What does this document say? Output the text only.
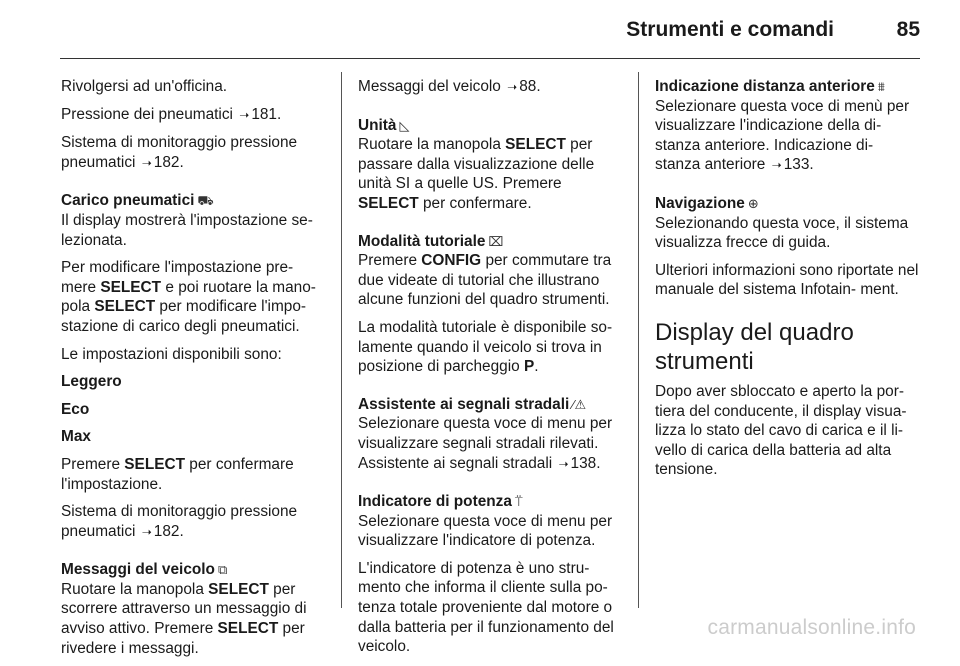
Strumenti e comandi	85

Rivolgersi ad un'officina.

Pressione dei pneumatici ➝ 181.

Sistema di monitoraggio pressione pneumatici ➝ 182.

Carico pneumatici ⛟

Il display mostrerà l'impostazione se- lezionata.

Per modificare l'impostazione pre- mere SELECT e poi ruotare la mano- pola SELECT per modificare l'impo- stazione di carico degli pneumatici.

Le impostazioni disponibili sono:

Leggero

Eco

Max

Premere SELECT per confermare l'impostazione.

Sistema di monitoraggio pressione pneumatici ➝ 182.

Messaggi del veicolo ⧉

Ruotare la manopola SELECT per scorrere attraverso un messaggio di avviso attivo. Premere SELECT per rivedere i messaggi.

Messaggi del veicolo ➝ 88.

Unità ◺

Ruotare la manopola SELECT per passare dalla visualizzazione delle unità SI a quelle US. Premere SELECT per confermare.

Modalità tutoriale ⌧

Premere CONFIG per commutare tra due videate di tutorial che illustrano alcune funzioni del quadro strumenti.

La modalità tutoriale è disponibile so- lamente quando il veicolo si trova in posizione di parcheggio P.

Assistente ai segnali stradali ⁄⚠

Selezionare questa voce di menu per visualizzare segnali stradali rilevati. Assistente ai segnali stradali ➝ 138.

Indicatore di potenza ⍡

Selezionare questa voce di menu per visualizzare l'indicatore di potenza.

L'indicatore di potenza è uno stru- mento che informa il cliente sulla po- tenza totale proveniente dal motore o dalla batteria per il funzionamento del veicolo.

Indicazione distanza anteriore ⩩

Selezionare questa voce di menù per visualizzare l'indicazione della di- stanza anteriore. Indicazione di- stanza anteriore ➝ 133.

Navigazione ⊕

Selezionando questa voce, il sistema visualizza frecce di guida.

Ulteriori informazioni sono riportate nel manuale del sistema Infotain- ment.

Display del quadro strumenti

Dopo aver sbloccato e aperto la por- tiera del conducente, il display visua- lizza lo stato del cavo di carica e il li- vello di carica della batteria ad alta tensione.

carmanualsonline.info
